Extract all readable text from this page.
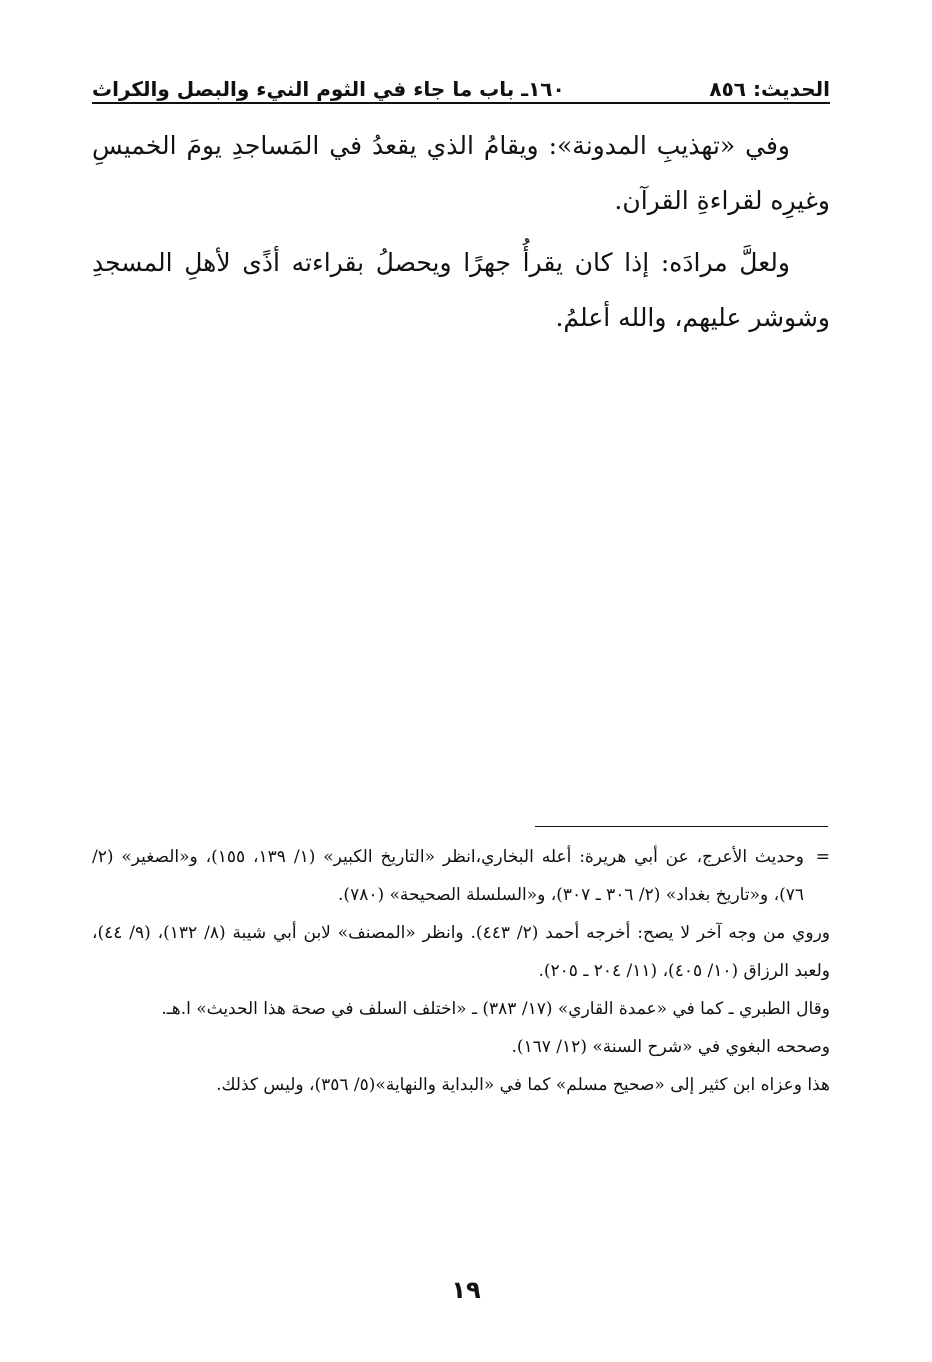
١٦٠ـ باب ما جاء في الثوم النيء والبصل والكراث	الحديث: ٨٥٦

وفي «تهذيبِ المدونة»: ويقامُ الذي يقعدُ في المَساجدِ يومَ الخميسِ وغيرِه لقراءةِ القرآن.

ولعلَّ مرادَه: إذا كان يقرأُ جهرًا ويحصلُ بقراءته أذًى لأهلِ المسجدِ وشوشر عليهم، والله أعلمُ.

=
وحديث الأعرج، عن أبي هريرة: أعله البخاري،انظر «التاريخ الكبير» (١/ ١٣٩، ١٥٥)، و«الصغير» (٢/ ٧٦)، و«تاريخ بغداد» (٢/ ٣٠٦ ـ ٣٠٧)، و«السلسلة الصحيحة» (٧٨٠).

وروي من وجه آخر لا يصح: أخرجه أحمد (٢/ ٤٤٣). وانظر «المصنف» لابن أبي شيبة (٨/ ١٣٢)، (٩/ ٤٤)، ولعبد الرزاق (١٠/ ٤٠٥)، (١١/ ٢٠٤ ـ ٢٠٥).

وقال الطبري ـ كما في «عمدة القاري» (١٧/ ٣٨٣) ـ «اختلف السلف في صحة هذا الحديث» ا.هـ.

وصححه البغوي في «شرح السنة» (١٢/ ١٦٧).

هذا وعزاه ابن كثير إلى «صحيح مسلم» كما في «البداية والنهاية»(٥/ ٣٥٦)، وليس كذلك.

١٩
